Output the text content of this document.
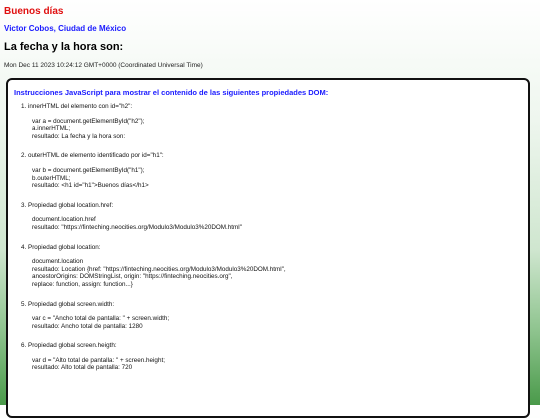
Buenos días

Victor Cobos, Ciudad de México

La fecha y la hora son:

Mon Dec 11 2023 10:24:12 GMT+0000 (Coordinated Universal Time)

Instrucciones JavaScript para mostrar el contenido de las siguientes propiedades DOM:

1. innerHTML del elemento con id="h2":
var a = document.getElementById("h2");
a.innerHTML;
resultado: La fecha y la hora son:
2. outerHTML de elemento identificado por id="h1":
var b = document.getElementById("h1");
b.outerHTML;
resultado: <h1 id="h1">Buenos días</h1>
3. Propiedad global location.href:
document.location.href
resultado: "https://finteching.neocities.org/Modulo3/Modulo3%20DOM.html"
4. Propiedad global location:
document.location
resultado: Location {href: "https://finteching.neocities.org/Modulo3/Modulo3%20DOM.html",
ancestorOrigins: DOMStringList, origin: "https://finteching.neocities.org",
replace: function, assign: function...}
5. Propiedad global screen.width:
var c = "Ancho total de pantalla: " + screen.width;
resultado: Ancho total de pantalla: 1280
6. Propiedad global screen.heigth:
var d = "Alto total de pantalla: " + screen.height;
resultado: Alto total de pantalla: 720
